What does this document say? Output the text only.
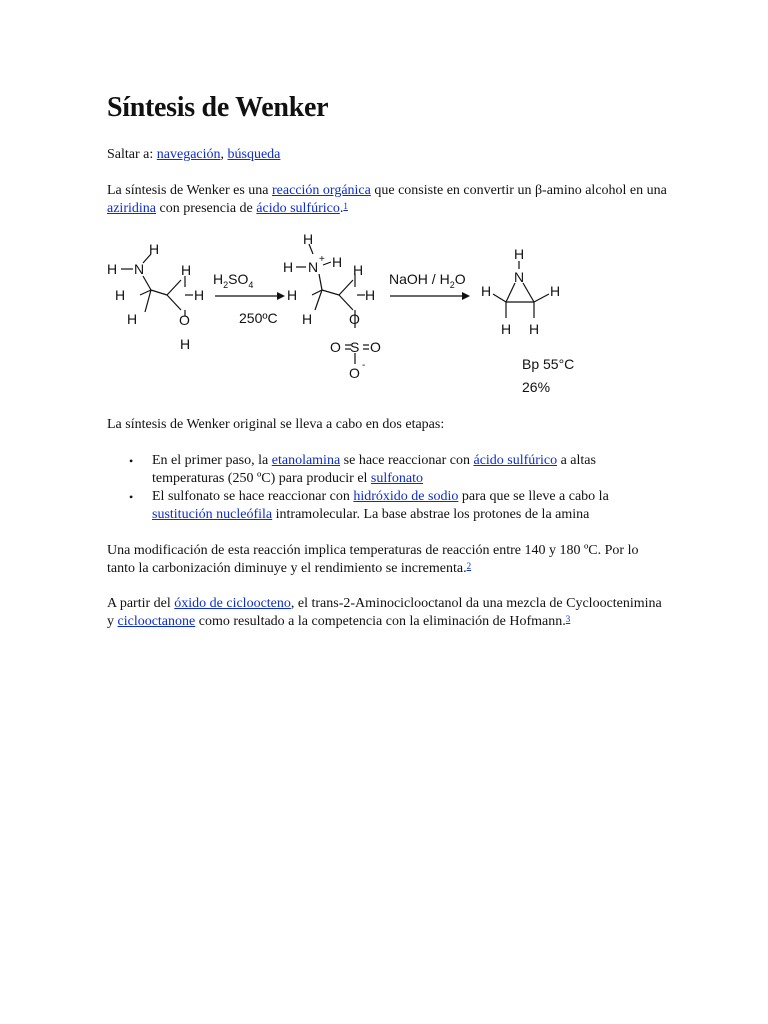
Síntesis de Wenker

Saltar a: navegación, búsqueda

La síntesis de Wenker es una reacción orgánica que consiste en convertir un β-amino alcohol en una aziridina con presencia de ácido sulfúrico.$^1$

H N
H
H
H
H
H
O
H
$H_2SO_4$
250ºC
H
H N + H
H
H
H
H
O
O S O
O -
NaOH / $H_2O$
H
N
H	H
H H
Bp 55°C
26%

La síntesis de Wenker original se lleva a cabo en dos etapas:

• En el primer paso, la etanolamina se hace reaccionar con ácido sulfúrico a altas temperaturas (250 ºC) para producir el sulfonato
• El sulfonato se hace reaccionar con hidróxido de sodio para que se lleve a cabo la sustitución nucleófila intramolecular. La base abstrae los protones de la amina

Una modificación de esta reacción implica temperaturas de reacción entre 140 y 180 ºC. Por lo tanto la carbonización diminuye y el rendimiento se incrementa.$^2$

A partir del óxido de cicloocteno, el trans-2-Aminociclooctanol da una mezcla de Cyclooctenimina y ciclooctanone como resultado a la competencia con la eliminación de Hofmann.$^3$
